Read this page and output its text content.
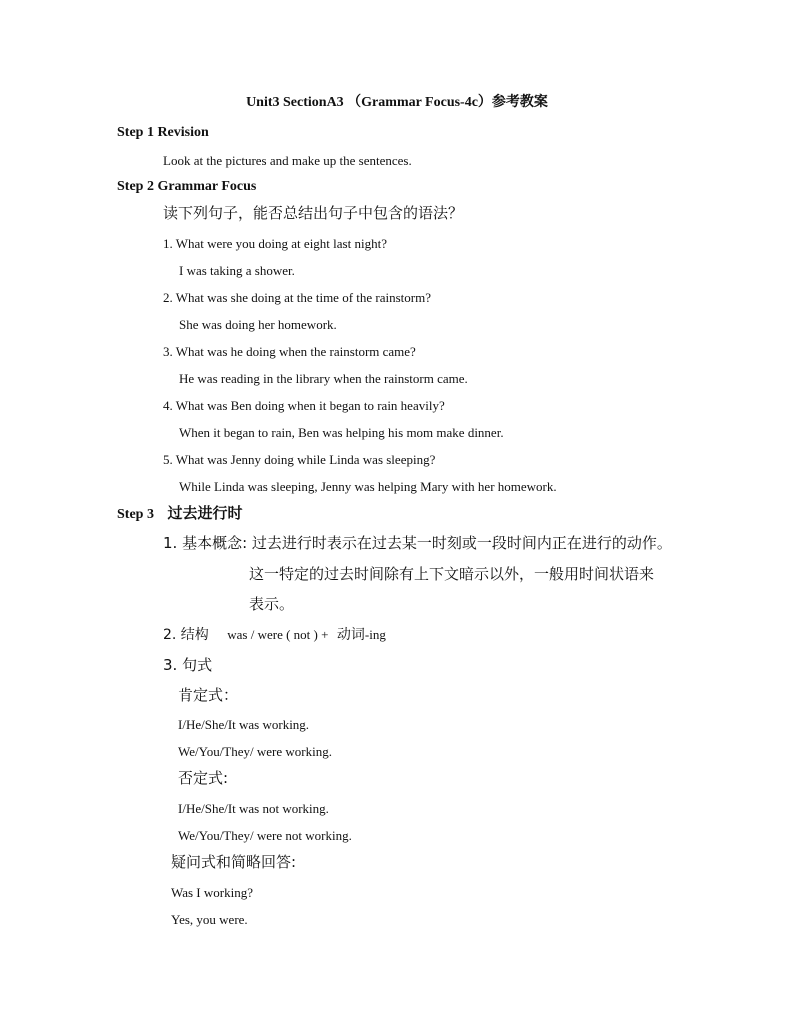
Unit3 SectionA3 （Grammar Focus-4c）参考教案
Step 1 Revision
Look at the pictures and make up the sentences.
Step 2 Grammar Focus
读下列句子，能否总结出句子中包含的语法？
1. What were you doing at eight last night?
I was taking a shower.
2. What was she doing at the time of the rainstorm?
She was doing her homework.
3. What was he doing when the rainstorm came?
He was reading in the library when the rainstorm came.
4. What was Ben doing when it began to rain heavily?
When it began to rain, Ben was helping his mom make dinner.
5. What was Jenny doing while Linda was sleeping?
While Linda was sleeping, Jenny was helping Mary with her homework.
Step 3 过去进行时
1. 基本概念: 过去进行时表示在过去某一时刻或一段时间内正在进行的动作。
这一特定的过去时间除有上下文暗示以外，一般用时间状语来
表示。
2. 结构 was / were ( not ) + 动词-ing
3. 句式
肯定式：
I/He/She/It was working.
We/You/They/ were working.
否定式:
I/He/She/It was not working.
We/You/They/ were not working.
疑问式和简略回答:
Was I working?
Yes, you were.
